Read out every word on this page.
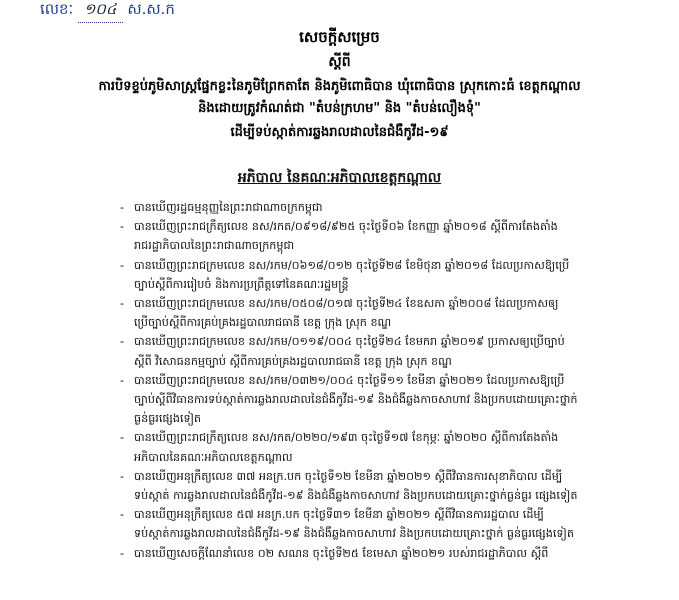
លេខៈ ១០៤ ស.ស.ក
សេចក្តីសម្រេច
ស្តីពី
ការបិទខ្ទប់ភូមិសាស្ត្រផ្នែកខ្លះនៃភូមិព្រែកតាតែ និងភូមិពោធិបាន ឃុំពោធិបាន ស្រុកកោះធំ ខេត្តកណ្តាល
និងដោយត្រូវកំណត់ជា "តំបន់ក្រហម" និង "តំបន់លឿងទុំ"
ដើម្បីទប់ស្កាត់ការឆ្លងរាលដាលនៃជំងឺកូវីដ-១៩
អភិបាល នៃគណៈអភិបាលខេត្តកណ្តាល
- បានឃើញរដ្ឋធម្មនុញ្ញនៃព្រះរាជាណាចក្រកម្ពុជា
- បានឃើញព្រះរាជក្រឹត្យលេខ នស/រកត/០៩១៨/៩២៥ ចុះថ្ងៃទី០៦ ខែកញ្ញា ឆ្នាំ២០១៨ ស្តីពីការតែងតាំង
រាជរដ្ឋាភិបាលនៃព្រះរាជាណាចក្រកម្ពុជា
- បានឃើញព្រះរាជក្រមលេខ នស/រកម/០៦១៨/០១២ ចុះថ្ងៃទី២៨ ខែមិថុនា ឆ្នាំ២០១៨ ដែលប្រកាសឱ្យប្រើ
ច្បាប់ស្តីពីការរៀបចំ និងការប្រព្រឹត្តទៅនៃគណៈរដ្ឋមន្ត្រី
- បានឃើញព្រះរាជក្រមលេខ នស/រកម/០៥០៨/០១៧ ចុះថ្ងៃទី២៤ ខែឧសភា ឆ្នាំ២០០៨ ដែលប្រកាសឲ្យ
ប្រើច្បាប់ស្តីពីការគ្រប់គ្រងរដ្ឋបាលរាជធានី ខេត្ត ក្រុង ស្រុក ខណ្ឌ
- បានឃើញព្រះរាជក្រមលេខ នស/រកម/០១១៩/០០៤ ចុះថ្ងៃទី២៤ ខែមករា ឆ្នាំ២០១៩ ប្រកាសឲ្យប្រើច្បាប់
ស្តីពី វិសោធនកម្មច្បាប់ ស្តីពីការគ្រប់គ្រងរដ្ឋបាលរាជធានី ខេត្ត ក្រុង ស្រុក ខណ្ឌ
- បានឃើញព្រះរាជក្រមលេខ នស/រកម/០៣២១/០០៤ ចុះថ្ងៃទី១១ ខែមីនា ឆ្នាំ២០២១ ដែលប្រកាសឱ្យប្រើ
ច្បាប់ស្តីពីវិធានការទប់ស្កាត់ការឆ្លងរាលដាលនៃជំងឺកូវីដ-១៩ និងជំងឺឆ្លងកាចសាហាវ និងប្រកបដោយគ្រោះថ្នាក់
ធ្ងន់ធ្ងរផ្សេងទៀត
- បានឃើញព្រះរាជក្រឹត្យលេខ នស/រកត/០២២០/១៩៣ ចុះថ្ងៃទី១៧ ខែកុម្ភៈ ឆ្នាំ២០២០ ស្តីពីការតែងតាំង
អភិបាលនៃគណៈអភិបាលខេត្តកណ្តាល
- បានឃើញអនុក្រឹត្យលេខ ៣៧ អនក្រ.បក ចុះថ្ងៃទី១២ ខែមីនា ឆ្នាំ២០២១ ស្តីពីវិធានការសុខាភិបាល ដើម្បី
ទប់ស្កាត់ ការឆ្លងរាលដាលនៃជំងឺកូវីដ-១៩ និងជំងឺឆ្លងកាចសាហាវ និងប្រកបដោយគ្រោះថ្នាក់ធ្ងន់ធ្ងរ ផ្សេងទៀត
- បានឃើញអនុក្រឹត្យលេខ ៥៧ អនក្រ.បក ចុះថ្ងៃទី៣១ ខែមីនា ឆ្នាំ២០២១ ស្តីពីវិធានការរដ្ឋបាល ដើម្បី
ទប់ស្កាត់ការឆ្លងរាលដាលនៃជំងឺកូវីដ-១៩ និងជំងឺឆ្លងកាចសាហាវ និងប្រកបដោយគ្រោះថ្នាក់ ធ្ងន់ធ្ងរផ្សេងទៀត
- បានឃើញសេចក្តីណែនាំលេខ ០២ សណន ចុះថ្ងៃទី២៥ ខែមេសា ឆ្នាំ២០២១ របស់រាជរដ្ឋាភិបាល ស្តីពី
